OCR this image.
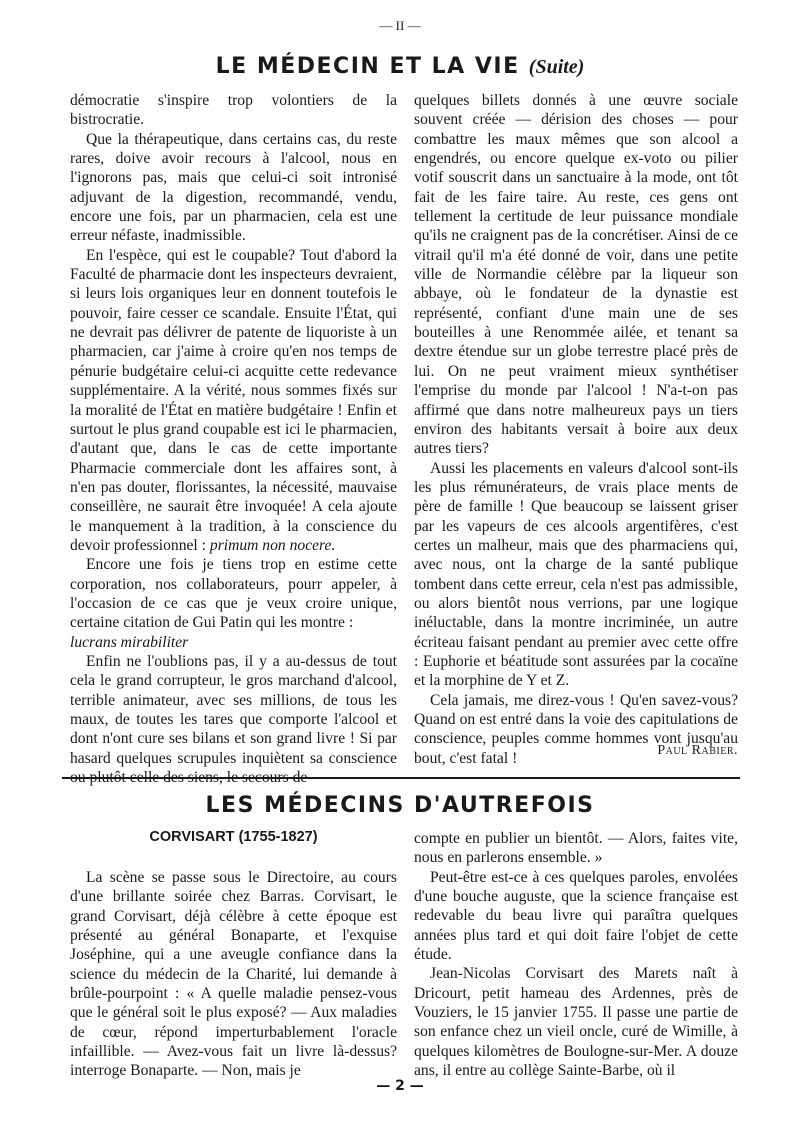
— II —
LE MÉDECIN ET LA VIE (Suite)

démocratie s'inspire trop volontiers de la bistrocratie.

Que la thérapeutique, dans certains cas, du reste rares, doive avoir recours à l'alcool, nous en l'ignorons pas, mais que celui-ci soit intronisé adjuvant de la digestion, recommandé, vendu, encore une fois, par un pharmacien, cela est une erreur néfaste, inadmissible.

En l'espèce, qui est le coupable? Tout d'abord la Faculté de pharmacie dont les inspecteurs devraient, si leurs lois organiques leur en donnent toutefois le pouvoir, faire cesser ce scandale. Ensuite l'État, qui ne devrait pas délivrer de patente de liquoriste à un pharmacien, car j'aime à croire qu'en nos temps de pénurie budgétaire celui-ci acquitte cette redevance supplémentaire. A la vérité, nous sommes fixés sur la moralité de l'État en matière budgétaire ! Enfin et surtout le plus grand coupable est ici le pharmacien, d'autant que, dans le cas de cette importante Pharmacie commerciale dont les affaires sont, à n'en pas douter, florissantes, la nécessité, mauvaise conseillère, ne saurait être invoquée! A cela ajoute le manquement à la tradition, à la conscience du devoir professionnel : primum non nocere.

Encore une fois je tiens trop en estime cette corporation, nos collaborateurs, pourr appeler, à l'occasion de ce cas que je veux croire unique, certaine citation de Gui Patin qui les montre :

lucrans mirabiliter

Enfin ne l'oublions pas, il y a au-dessus de tout cela le grand corrupteur, le gros marchand d'alcool, terrible animateur, avec ses millions, de tous les maux, de toutes les tares que comporte l'alcool et dont n'ont cure ses bilans et son grand livre ! Si par hasard quelques scrupules inquiètent sa conscience ou plutôt celle des siens, le secours de

quelques billets donnés à une œuvre sociale souvent créée — dérision des choses — pour combattre les maux mêmes que son alcool a engendrés, ou encore quelque ex-voto ou pilier votif souscrit dans un sanctuaire à la mode, ont tôt fait de les faire taire. Au reste, ces gens ont tellement la certitude de leur puissance mondiale qu'ils ne craignent pas de la concrétiser. Ainsi de ce vitrail qu'il m'a été donné de voir, dans une petite ville de Normandie célèbre par la liqueur son abbaye, où le fondateur de la dynastie est représenté, confiant d'une main une de ses bouteilles à une Renommée ailée, et tenant sa dextre étendue sur un globe terrestre placé près de lui. On ne peut vraiment mieux synthétiser l'emprise du monde par l'alcool ! N'a-t-on pas affirmé que dans notre malheureux pays un tiers environ des habitants versait à boire aux deux autres tiers?

Aussi les placements en valeurs d'alcool sont-ils les plus rémunérateurs, de vrais place ments de père de famille ! Que beaucoup se laissent griser par les vapeurs de ces alcools argentifères, c'est certes un malheur, mais que des pharmaciens qui, avec nous, ont la charge de la santé publique tombent dans cette erreur, cela n'est pas admissible, ou alors bientôt nous verrions, par une logique inéluctable, dans la montre incriminée, un autre écriteau faisant pendant au premier avec cette offre : Euphorie et béatitude sont assurées par la cocaïne et la morphine de Y et Z.

Cela jamais, me direz-vous ! Qu'en savez-vous? Quand on est entré dans la voie des capitulations de conscience, peuples comme hommes vont jusqu'au bout, c'est fatal !	Paul Rabier.
LES MÉDECINS D'AUTREFOIS
CORVISART (1755-1827)

La scène se passe sous le Directoire, au cours d'une brillante soirée chez Barras. Corvisart, le grand Corvisart, déjà célèbre à cette époque est présenté au général Bonaparte, et l'exquise Joséphine, qui a une aveugle confiance dans la science du médecin de la Charité, lui demande à brûle-pourpoint : « A quelle maladie pensez-vous que le général soit le plus exposé? — Aux maladies de cœur, répond imperturbablement l'oracle infaillible. — Avez-vous fait un livre là-dessus? interroge Bonaparte. — Non, mais je

compte en publier un bientôt. — Alors, faites vite, nous en parlerons ensemble. »

Peut-être est-ce à ces quelques paroles, envolées d'une bouche auguste, que la science française est redevable du beau livre qui paraîtra quelques années plus tard et qui doit faire l'objet de cette étude.

Jean-Nicolas Corvisart des Marets naît à Dricourt, petit hameau des Ardennes, près de Vouziers, le 15 janvier 1755. Il passe une partie de son enfance chez un vieil oncle, curé de Wimille, à quelques kilomètres de Boulogne-sur-Mer. A douze ans, il entre au collège Sainte-Barbe, où il

— 2 —
